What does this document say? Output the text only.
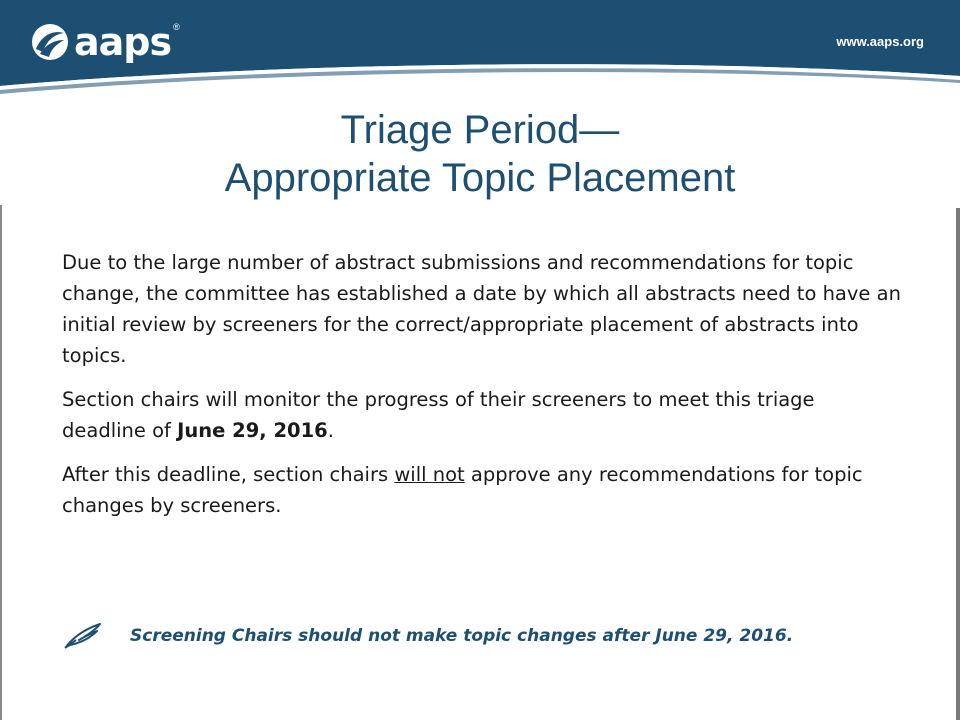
aaps ®
www.aaps.org
Triage Period—
Appropriate Topic Placement

Due to the large number of abstract submissions and recommendations for topic change, the committee has established a date by which all abstracts need to have an initial review by screeners for the correct/appropriate placement of abstracts into topics.

Section chairs will monitor the progress of their screeners to meet this triage deadline of June 29, 2016.

After this deadline, section chairs will not approve any recommendations for topic changes by screeners.

Screening Chairs should not make topic changes after June 29, 2016.
